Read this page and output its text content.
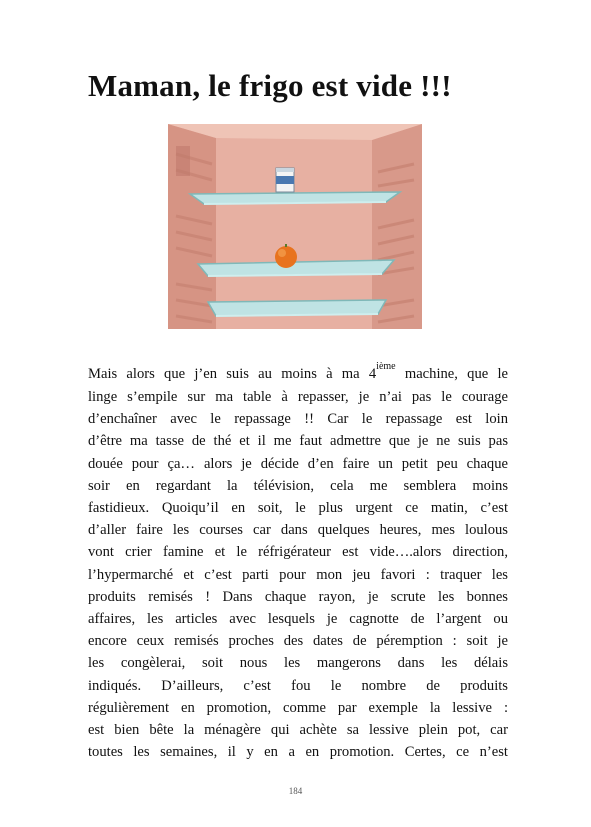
Maman, le frigo est vide !!!
Mais alors que j’en suis au moins à ma 4ième machine, que le
linge s’empile sur ma table à repasser, je n’ai pas le courage
d’enchaîner avec le repassage !! Car le repassage est loin
d’être ma tasse de thé et il me faut admettre que je ne suis pas
douée pour ça… alors je décide d’en faire un petit peu chaque
soir en regardant la télévision, cela me semblera moins
fastidieux. Quoiqu’il en soit, le plus urgent ce matin, c’est
d’aller faire les courses car dans quelques heures, mes loulous
vont crier famine et le réfrigérateur est vide….alors direction,
l’hypermarché et c’est parti pour mon jeu favori : traquer les
produits remisés ! Dans chaque rayon, je scrute les bonnes
affaires, les articles avec lesquels je cagnotte de l’argent ou
encore ceux remisés proches des dates de péremption : soit je
les congèlerai, soit nous les mangerons dans les délais
indiqués. D’ailleurs, c’est fou le nombre de produits
régulièrement en promotion, comme par exemple la lessive :
est bien bête la ménagère qui achète sa lessive plein pot, car
toutes les semaines, il y en a en promotion. Certes, ce n’est
184
